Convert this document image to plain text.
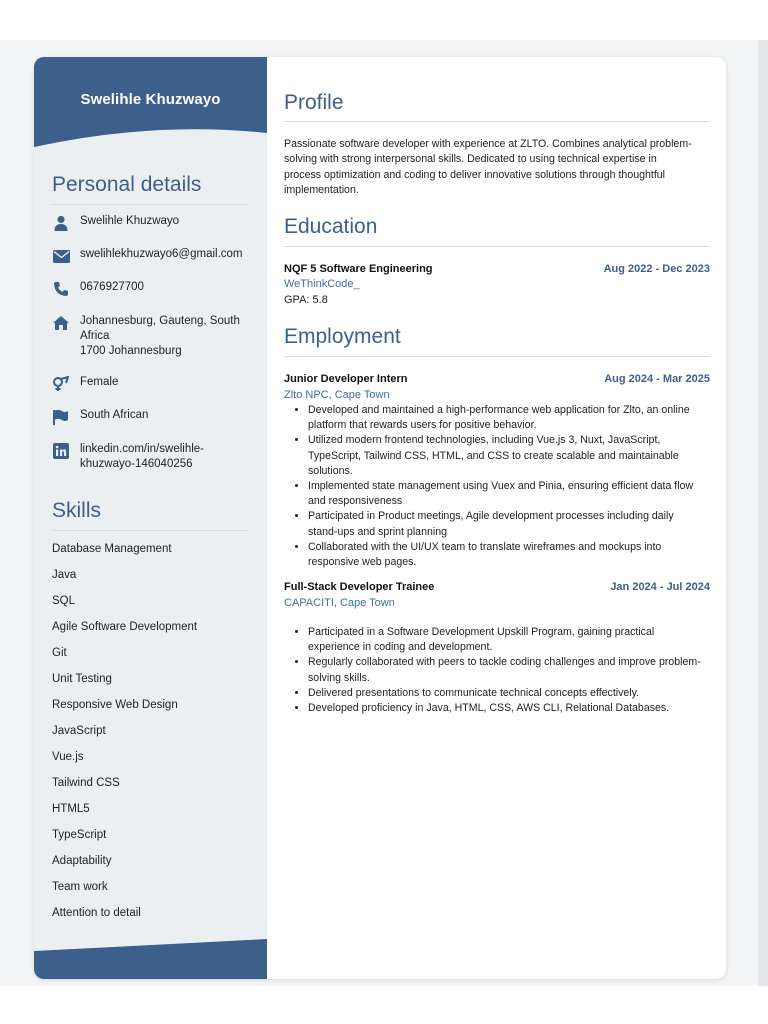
Swelihle Khuzwayo
Personal details
Swelihle Khuzwayo
swelihlekhuzwayo6@gmail.com
0676927700
Johannesburg, Gauteng, South
Africa
1700 Johannesburg
Female
South African
linkedin.com/in/swelihle-
khuzwayo-146040256
Skills
Database Management
Java
SQL
Agile Software Development
Git
Unit Testing
Responsive Web Design
JavaScript
Vue.js
Tailwind CSS
HTML5
TypeScript
Adaptability
Team work
Attention to detail
Profile

Passionate software developer with experience at ZLTO. Combines analytical problem-solving with strong interpersonal skills. Dedicated to using technical expertise in process optimization and coding to deliver innovative solutions through thoughtful implementation.

Education
NQF 5 Software Engineering	Aug 2022 - Dec 2023
WeThinkCode_
GPA: 5.8
Employment
Junior Developer Intern	Aug 2024 - Mar 2025
Zlto NPC, Cape Town
• Developed and maintained a high-performance web application for Zlto, an online platform that rewards users for positive behavior.
• Utilized modern frontend technologies, including Vue.js 3, Nuxt, JavaScript, TypeScript, Tailwind CSS, HTML, and CSS to create scalable and maintainable solutions.
• Implemented state management using Vuex and Pinia, ensuring efficient data flow and responsiveness
• Participated in Product meetings, Agile development processes including daily stand-ups and sprint planning
• Collaborated with the UI/UX team to translate wireframes and mockups into responsive web pages.
Full-Stack Developer Trainee	Jan 2024 - Jul 2024
CAPACITI, Cape Town
• Participated in a Software Development Upskill Program, gaining practical experience in coding and development.
• Regularly collaborated with peers to tackle coding challenges and improve problem-solving skills.
• Delivered presentations to communicate technical concepts effectively.
• Developed proficiency in Java, HTML, CSS, AWS CLI, Relational Databases.
